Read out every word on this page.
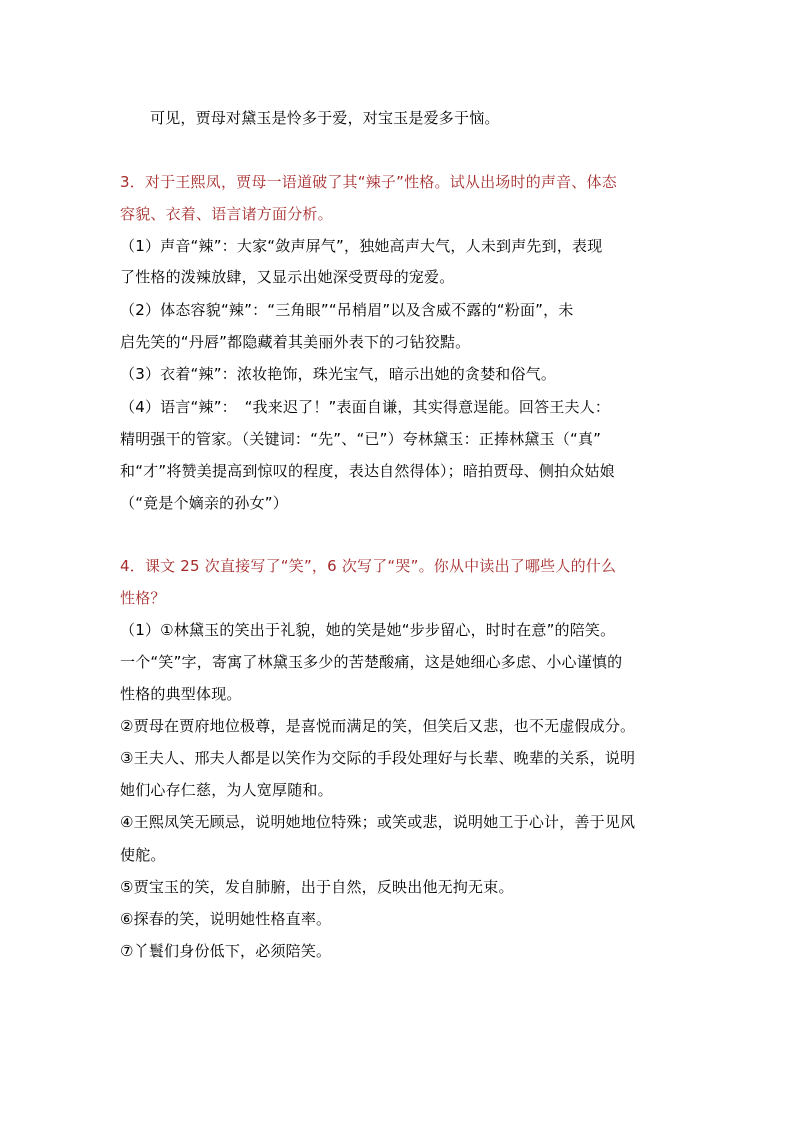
可见，贾母对黛玉是怜多于爱，对宝玉是爱多于恼。
3．对于王熙凤，贾母一语道破了其“辣子”性格。试从出场时的声音、体态
容貌、衣着、语言诸方面分析。
（1）声音“辣”：大家“敛声屏气”，独她高声大气，人未到声先到，表现
了性格的泼辣放肆，又显示出她深受贾母的宠爱。
（2）体态容貌“辣”：“三角眼”“吊梢眉”以及含威不露的“粉面”，未
启先笑的“丹唇”都隐藏着其美丽外表下的刁钻狡黠。
（3）衣着“辣”：浓妆艳饰，珠光宝气，暗示出她的贪婪和俗气。
（4）语言“辣”：　“我来迟了！”表面自谦，其实得意逞能。回答王夫人：
精明强干的管家。（关键词：“先”、“已”）夸林黛玉：正捧林黛玉（“真”
和“才”将赞美提高到惊叹的程度，表达自然得体）；暗拍贾母、侧拍众姑娘
（“竟是个嫡亲的孙女”）
4．课文 25 次直接写了“笑”，6 次写了“哭”。你从中读出了哪些人的什么
性格？
（1）①林黛玉的笑出于礼貌，她的笑是她“步步留心，时时在意”的陪笑。
一个“笑”字，寄寓了林黛玉多少的苦楚酸痛，这是她细心多虑、小心谨慎的
性格的典型体现。
②贾母在贾府地位极尊，是喜悦而满足的笑，但笑后又悲，也不无虚假成分。
③王夫人、邢夫人都是以笑作为交际的手段处理好与长辈、晚辈的关系，说明
她们心存仁慈，为人宽厚随和。
④王熙凤笑无顾忌，说明她地位特殊；或笑或悲，说明她工于心计，善于见风
使舵。
⑤贾宝玉的笑，发自肺腑，出于自然，反映出他无拘无束。
⑥探春的笑，说明她性格直率。
⑦丫鬟们身份低下，必须陪笑。
